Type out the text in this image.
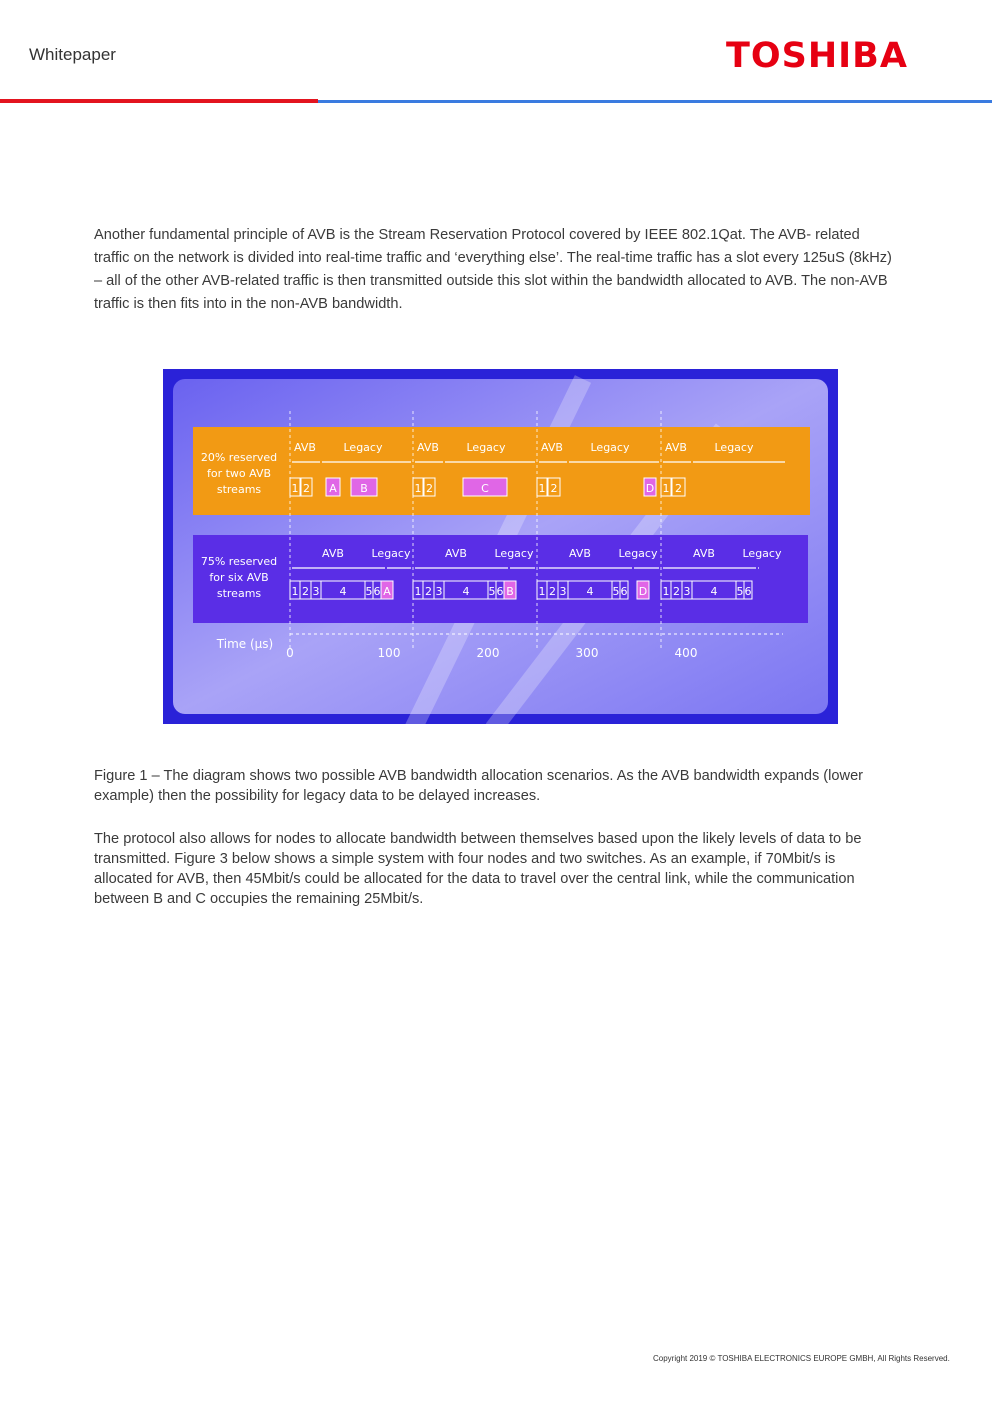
Whitepaper	TOSHIBA

Another fundamental principle of AVB is the Stream Reservation Protocol covered by IEEE 802.1Qat. The AVB- related traffic on the network is divided into real-time traffic and ‘everything else’. The real-time traffic has a slot every 125uS (8kHz) – all of the other AVB-related traffic is then transmitted outside this slot within the bandwidth allocated to AVB. The non-AVB traffic is then fits into in the non-AVB bandwidth.

20% reserved
for two AVB
streams
AVB	Legacy	AVB	Legacy	AVB	Legacy	AVB	Legacy
1 2 A B	1 2	C	1 2	D 1 2
75% reserved
for six AVB
streams
AVB	Legacy	AVB	Legacy	AVB	Legacy	AVB	Legacy
1 2 3 4 5 6 A 1 2 3 4 5 6 B 1 2 3 4 5 6 D 1 2 3 4 5 6
Time (µs)
0	100	200	300	400

Figure 1 – The diagram shows two possible AVB bandwidth allocation scenarios. As the AVB bandwidth expands (lower example) then the possibility for legacy data to be delayed increases.

The protocol also allows for nodes to allocate bandwidth between themselves based upon the likely levels of data to be transmitted. Figure 3 below shows a simple system with four nodes and two switches. As an example, if 70Mbit/s is allocated for AVB, then 45Mbit/s could be allocated for the data to travel over the central link, while the communication between B and C occupies the remaining 25Mbit/s.

Copyright 2019 © TOSHIBA ELECTRONICS EUROPE GMBH, All Rights Reserved.
